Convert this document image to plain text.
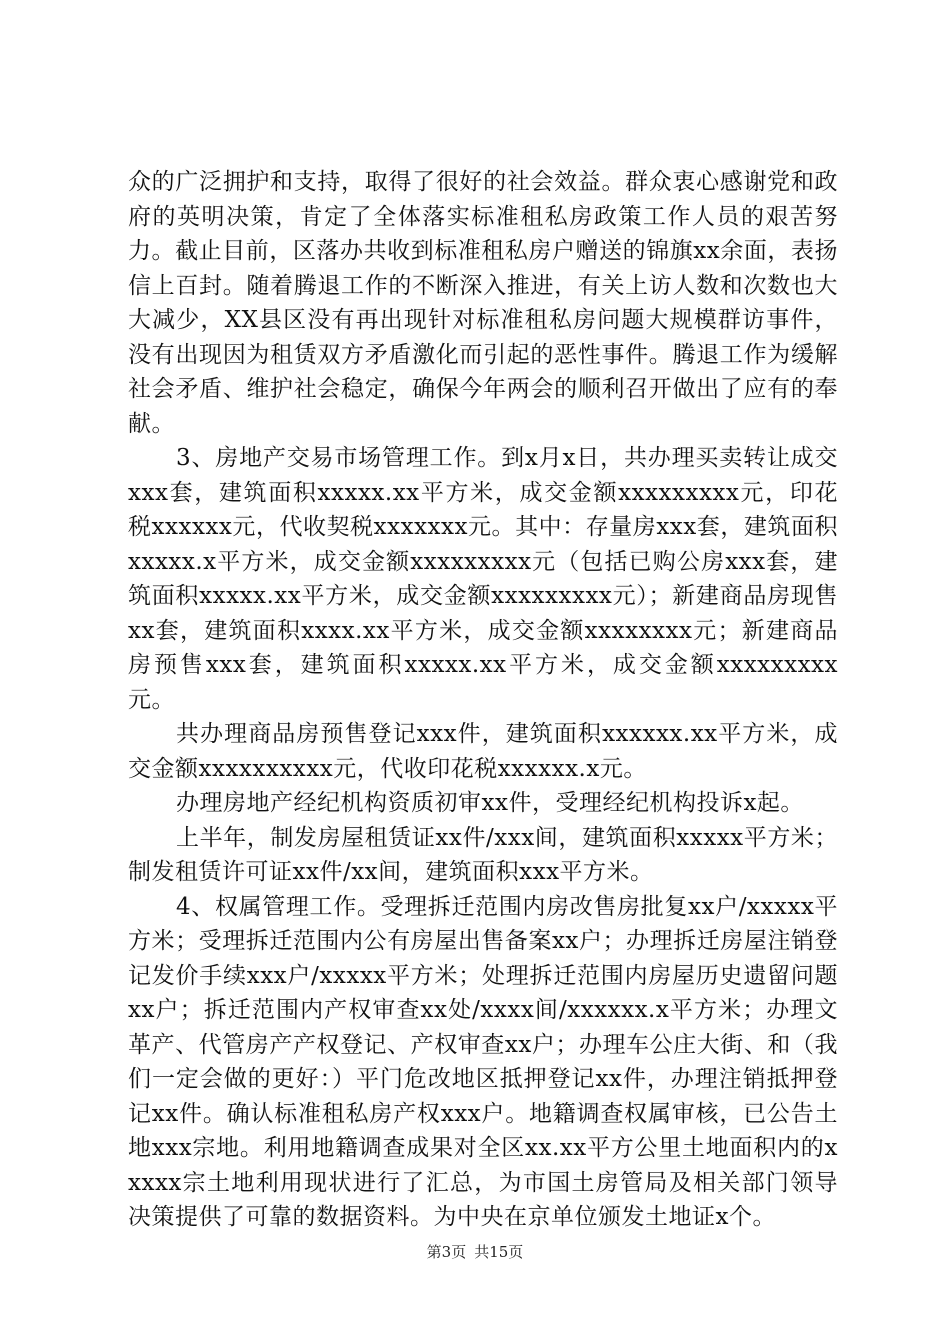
众的广泛拥护和支持，取得了很好的社会效益。群众衷心感谢党和政府的英明决策，肯定了全体落实标准租私房政策工作人员的艰苦努力。截止目前，区落办共收到标准租私房户赠送的锦旗xx余面，表扬信上百封。随着腾退工作的不断深入推进，有关上访人数和次数也大大减少，XX县区没有再出现针对标准租私房问题大规模群访事件，没有出现因为租赁双方矛盾激化而引起的恶性事件。腾退工作为缓解社会矛盾、维护社会稳定，确保今年两会的顺利召开做出了应有的奉献。

3、房地产交易市场管理工作。到x月x日，共办理买卖转让成交xxx套，建筑面积xxxxx.xx平方米，成交金额xxxxxxxxx元，印花税xxxxxx元，代收契税xxxxxxx元。其中：存量房xxx套，建筑面积xxxxx.x平方米，成交金额xxxxxxxxx元（包括已购公房xxx套，建筑面积xxxxx.xx平方米，成交金额xxxxxxxxx元）；新建商品房现售xx套，建筑面积xxxx.xx平方米，成交金额xxxxxxxx元；新建商品房预售xxx套，建筑面积xxxxx.xx平方米，成交金额xxxxxxxxx元。

共办理商品房预售登记xxx件，建筑面积xxxxxx.xx平方米，成交金额xxxxxxxxxx元，代收印花税xxxxxx.x元。

办理房地产经纪机构资质初审xx件，受理经纪机构投诉x起。

上半年，制发房屋租赁证xx件/xxx间，建筑面积xxxxx平方米；制发租赁许可证xx件/xx间，建筑面积xxx平方米。

4、权属管理工作。受理拆迁范围内房改售房批复xx户/xxxxx平方米；受理拆迁范围内公有房屋出售备案xx户；办理拆迁房屋注销登记发价手续xxx户/xxxxx平方米；处理拆迁范围内房屋历史遗留问题xx户；拆迁范围内产权审查xx处/xxxx间/xxxxxx.x平方米；办理文革产、代管房产产权登记、产权审查xx户；办理车公庄大街、和（我们一定会做的更好：）平门危改地区抵押登记xx件，办理注销抵押登记xx件。确认标准租私房产权xxx户。地籍调查权属审核，已公告土地xxx宗地。利用地籍调查成果对全区xx.xx平方公里土地面积内的xxxxx宗土地利用现状进行了汇总，为市国土房管局及相关部门领导决策提供了可靠的数据资料。为中央在京单位颁发土地证x个。

第3页 共15页
